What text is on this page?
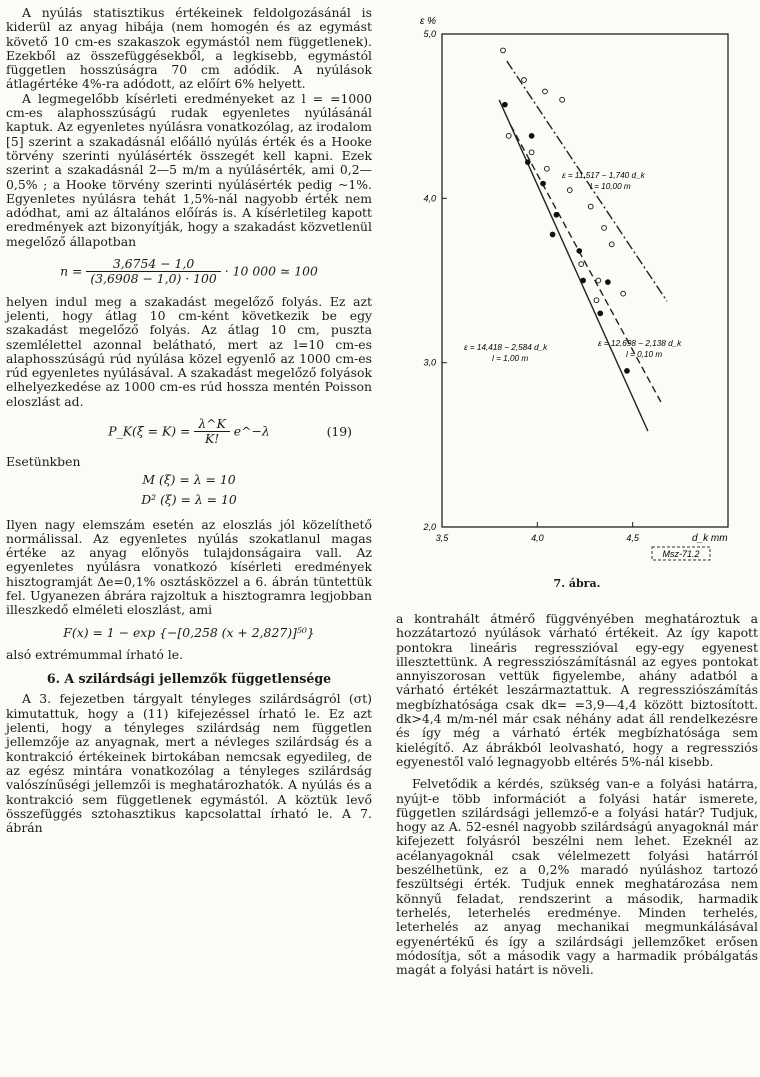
A nyúlás statisztikus értékeinek feldolgozásánál is kiderül az anyag hibája (nem homogén és az egymást követő 10 cm-es szakaszok egymástól nem függetlenek). Ezekből az összefüggésekből, a legkisebb, egymástól független hosszúságra 70 cm adódik. A nyúlások átlagértéke 4%-ra adódott, az előírt 6% helyett.

A legmegelőbb kísérleti eredményeket az l = =1000 cm-es alaphosszúságú rudak egyenletes nyúlásánál kaptuk. Az egyenletes nyúlásra vonatkozólag, az irodalom [5] szerint a szakadásnál előálló nyúlás érték és a Hooke törvény szerinti nyúlásérték összegét kell kapni. Ezek szerint a szakadásnál 2—5 m/m a nyúlásérték, ami 0,2—0,5% ; a Hooke törvény szerinti nyúlásérték pedig ~1%. Egyenletes nyúlásra tehát 1,5%-nál nagyobb érték nem adódhat, ami az általános előírás is. A kísérletileg kapott eredmények azt bizonyítják, hogy a szakadást közvetlenül megelőző állapotban

$n = \frac{3,6754 - 1,0}{(3,6908 - 1,0) \cdot 100} \cdot 10$ 000 ≃ 100

helyen indul meg a szakadást megelőző folyás. Ez azt jelenti, hogy átlag 10 cm-ként következik be egy szakadást megelőző folyás. Az átlag 10 cm, puszta szemlélettel azonnal belátható, mert az l=10 cm-es alaphosszúságú rúd nyúlása közel egyenlő az 1000 cm-es rúd egyenletes nyúlásával. A szakadást megelőző folyások elhelyezkedése az 1000 cm-es rúd hossza mentén Poisson eloszlást ad.

P_K(ξ = $K) = \frac{\lambda\^{}K}{K!}$ e^−λ	(19)

Esetünkben

M (ξ) = λ = 10
D² (ξ) = λ = 10

Ilyen nagy elemszám esetén az eloszlás jól közelíthető normálissal. Az egyenletes nyúlás szokatlanul magas értéke az anyag előnyös tulajdonságaira vall. Az egyenletes nyúlásra vonatkozó kísérleti eredmények hisztogramját Δe=0,1% osztásközzel a 6. ábrán tüntettük fel. Ugyanezen ábrára rajzoltuk a hisztogramra legjobban illeszkedő elméleti eloszlást, ami

F(x) = 1 − exp {−[0,258 (x + 2,827)]⁵⁰}

alsó extrémummal írható le.

6. A szilárdsági jellemzők függetlensége

A 3. fejezetben tárgyalt tényleges szilárdságról (σt) kimutattuk, hogy a (11) kifejezéssel írható le. Ez azt jelenti, hogy a tényleges szilárdság nem független jellemzője az anyagnak, mert a névleges szilárdság és a kontrakció értékeinek birtokában nemcsak egyedileg, de az egész mintára vonatkozólag a tényleges szilárdság valószínűségi jellemzői is meghatározhatók. A nyúlás és a kontrakció sem függetlenek egymástól. A köztük levő összefüggés sztohasztikus kapcsolattal írható le. A 7. ábrán

3,5	4,0	4,5
2,0
3,0
4,0
5,0
ε %
d_k mm
Msz-71.2
ε = 11,517 − 1,740 d_k
l = 10,00 m
ε = 12,698 − 2,138 d_k
l = 0,10 m
ε = 14,418 − 2,584 d_k
l = 1,00 m
7. ábra.

a kontrahált átmérő függvényében meghatároztuk a hozzátartozó nyúlások várható értékeit. Az így kapott pontokra lineáris regresszióval egy-egy egyenest illesztettünk. A regressziószámításnál az egyes pontokat annyiszorosan vettük figyelembe, ahány adatból a várható értékét leszármaztattuk. A regressziószámítás megbízhatósága csak dk= =3,9—4,4 között biztosított. dk>4,4 m/m-nél már csak néhány adat áll rendelkezésre és így még a várható érték megbízhatósága sem kielégítő. Az ábrákból leolvasható, hogy a regressziós egyenestől való legnagyobb eltérés 5%-nál kisebb.

Felvetődik a kérdés, szükség van-e a folyási határra, nyújt-e több információt a folyási határ ismerete, független szilárdsági jellemző-e a folyási határ? Tudjuk, hogy az A. 52-esnél nagyobb szilárdságú anyagoknál már kifejezett folyásról beszélni nem lehet. Ezeknél az acélanyagoknál csak vélelmezett folyási határról beszélhetünk, ez a 0,2% maradó nyúláshoz tartozó feszültségi érték. Tudjuk ennek meghatározása nem könnyű feladat, rendszerint a második, harmadik terhelés, leterhelés eredménye. Minden terhelés, leterhelés az anyag mechanikai megmunkálásával egyenértékű és így a szilárdsági jellemzőket erősen módosítja, sőt a második vagy a harmadik próbálgatás magát a folyási határt is növeli.
